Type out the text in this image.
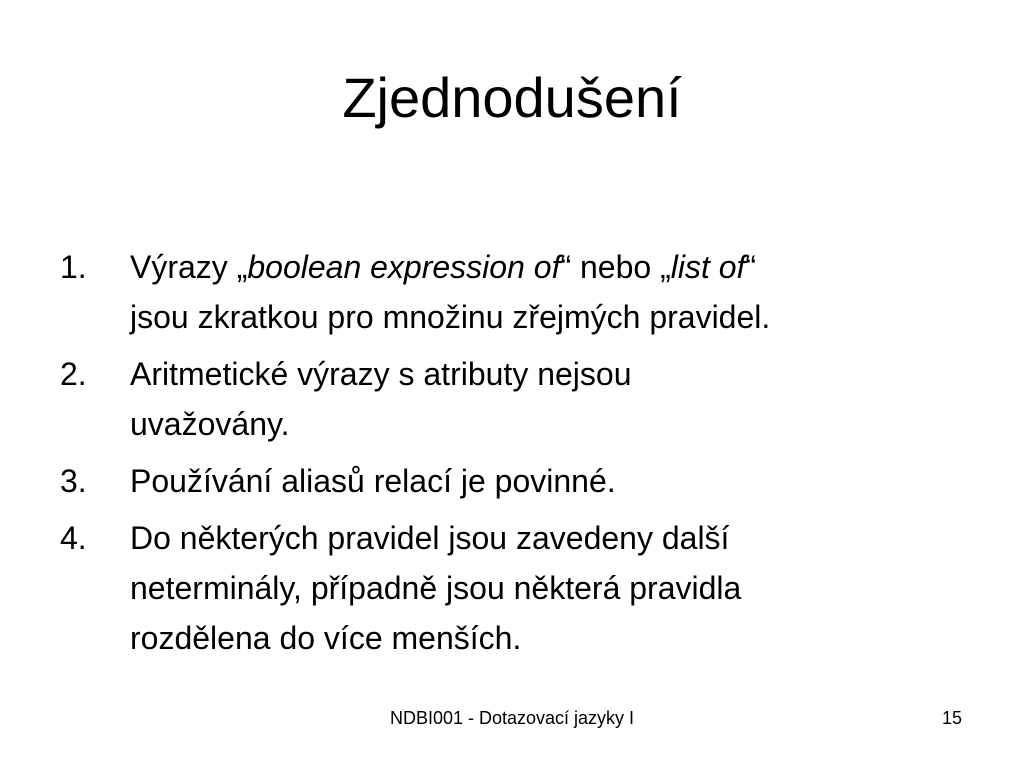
Zjednodušení
1. Výrazy „boolean expression of“ nebo „list of“
jsou zkratkou pro množinu zřejmých pravidel.
2. Aritmetické výrazy s atributy nejsou
uvažovány.
3. Používání aliasů relací je povinné.
4. Do některých pravidel jsou zavedeny další
neterminály, případně jsou některá pravidla
rozdělena do více menších.
NDBI001 - Dotazovací jazyky I	15
